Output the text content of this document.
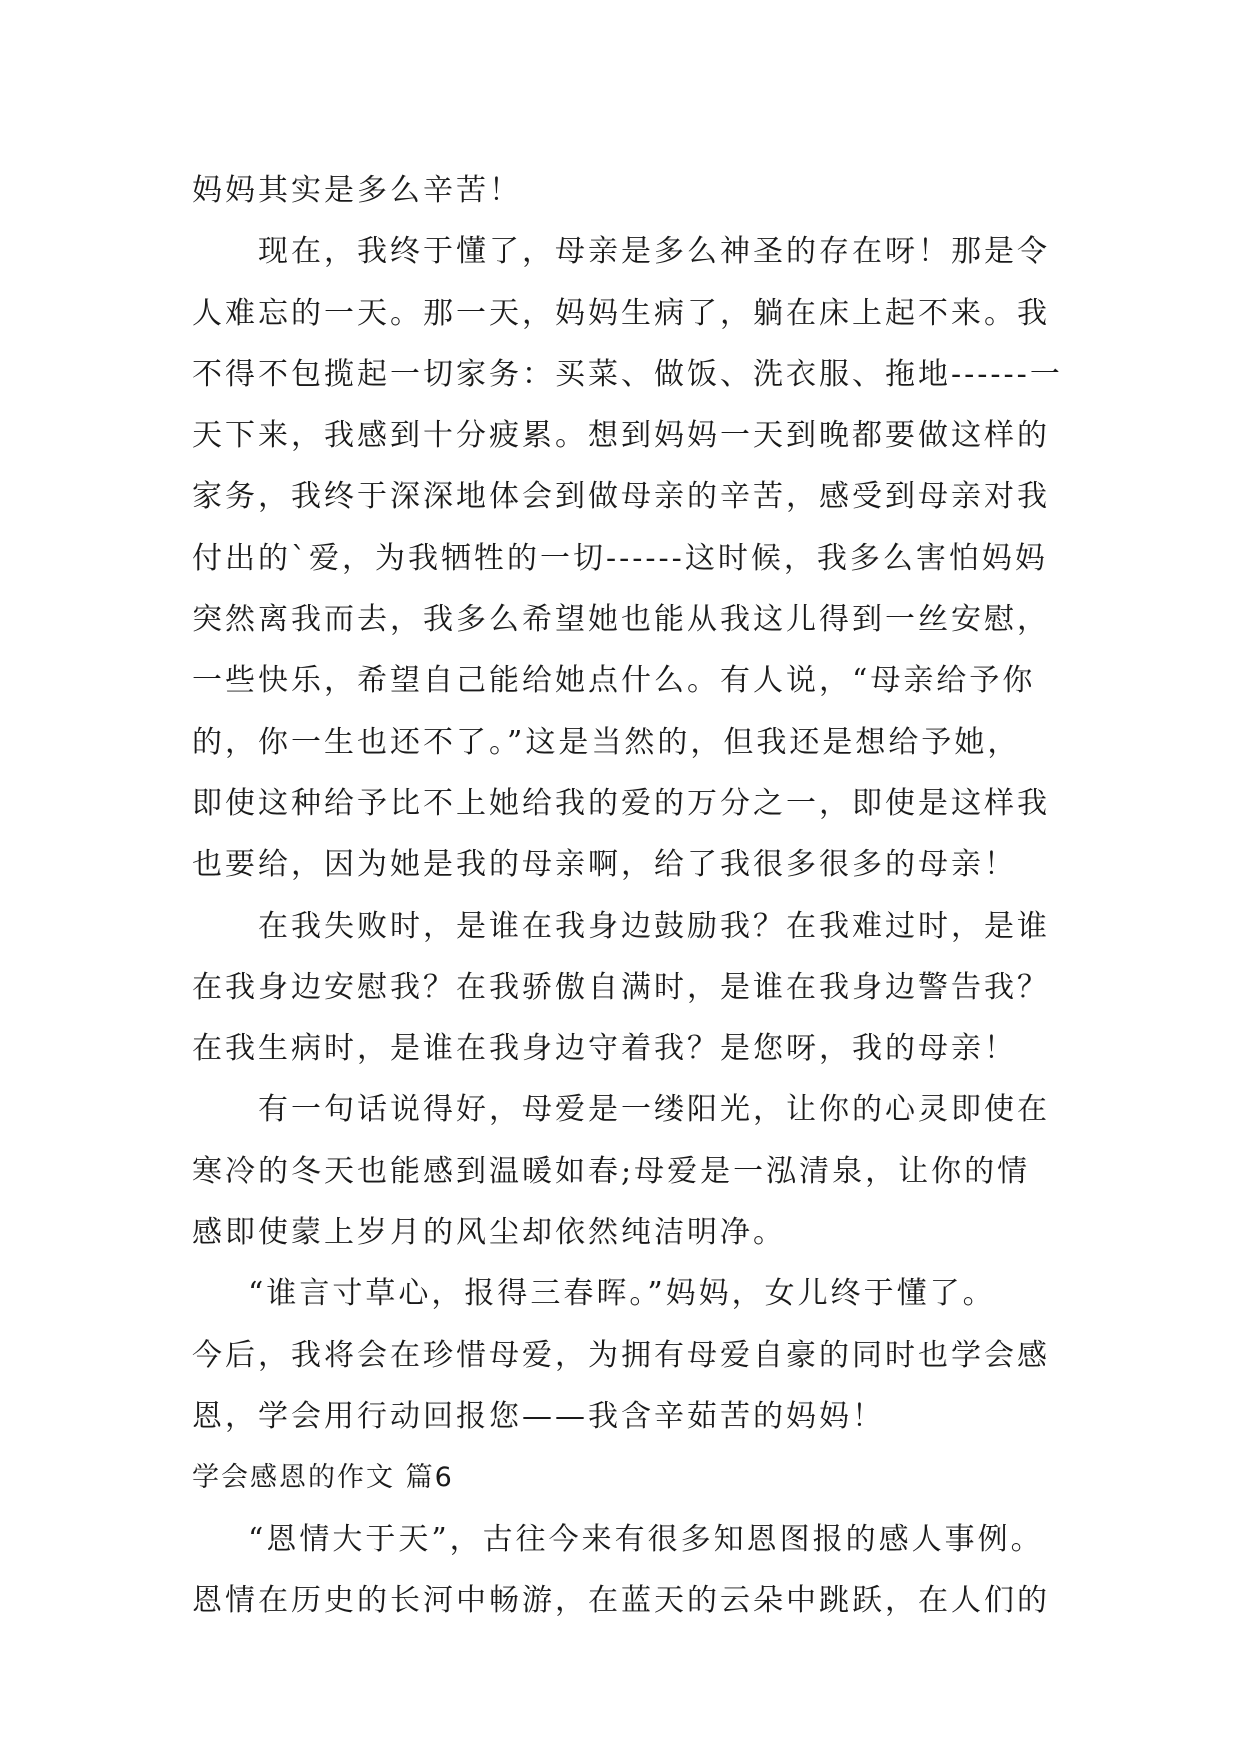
妈妈其实是多么辛苦！
现在，我终于懂了，母亲是多么神圣的存在呀！那是令
人难忘的一天。那一天，妈妈生病了，躺在床上起不来。我
不得不包揽起一切家务：买菜、做饭、洗衣服、拖地------一
天下来，我感到十分疲累。想到妈妈一天到晚都要做这样的
家务，我终于深深地体会到做母亲的辛苦，感受到母亲对我
付出的`爱，为我牺牲的一切------这时候，我多么害怕妈妈
突然离我而去，我多么希望她也能从我这儿得到一丝安慰，
一些快乐，希望自己能给她点什么。有人说，“母亲给予你
的，你一生也还不了。”这是当然的，但我还是想给予她，
即使这种给予比不上她给我的爱的万分之一，即使是这样我
也要给，因为她是我的母亲啊，给了我很多很多的母亲！
在我失败时，是谁在我身边鼓励我？在我难过时，是谁
在我身边安慰我？在我骄傲自满时，是谁在我身边警告我？
在我生病时，是谁在我身边守着我？是您呀，我的母亲！
有一句话说得好，母爱是一缕阳光，让你的心灵即使在
寒冷的冬天也能感到温暖如春;母爱是一泓清泉，让你的情
感即使蒙上岁月的风尘却依然纯洁明净。
“谁言寸草心，报得三春晖。”妈妈，女儿终于懂了。
今后，我将会在珍惜母爱，为拥有母爱自豪的同时也学会感
恩，学会用行动回报您——我含辛茹苦的妈妈！
学会感恩的作文 篇6
“恩情大于天”，古往今来有很多知恩图报的感人事例。
恩情在历史的长河中畅游，在蓝天的云朵中跳跃，在人们的
